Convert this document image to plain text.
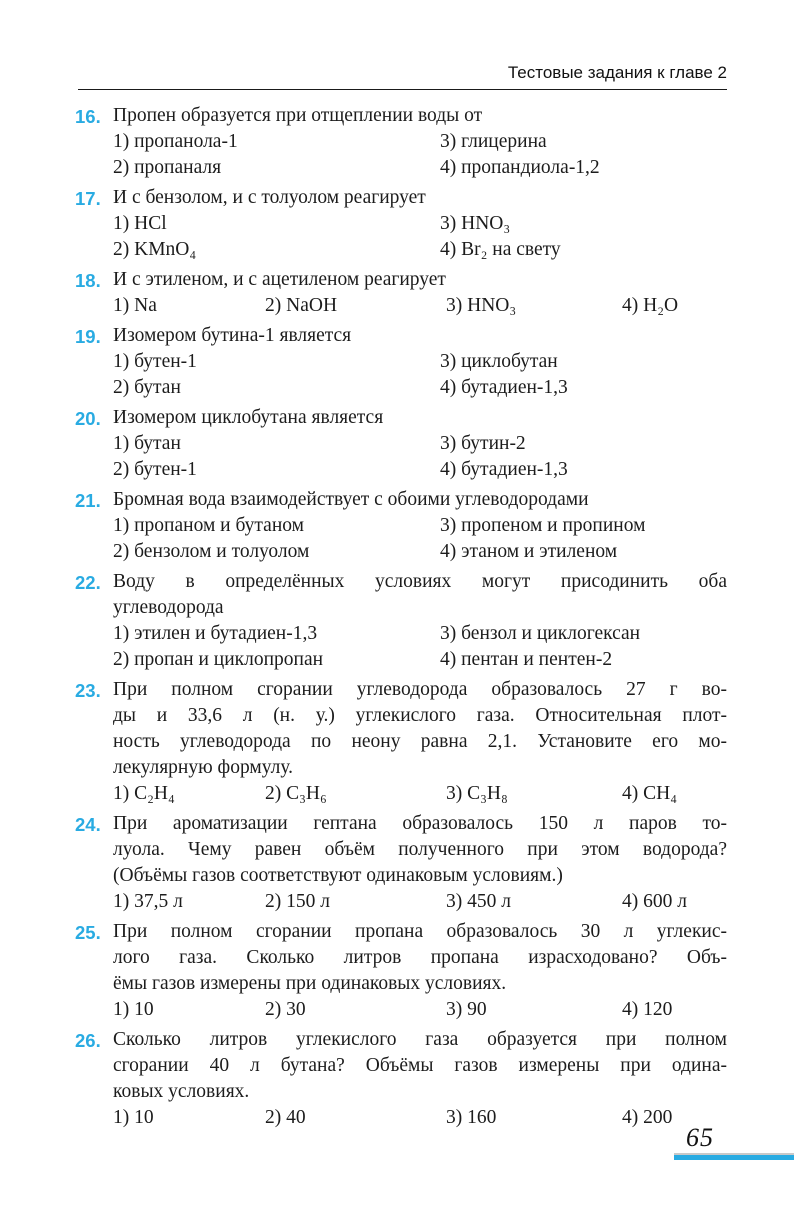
Тестовые задания к главе 2
16. Пропен образуется при отщеплении воды от
1) пропанола-1	3) глицерина
2) пропаналя	4) пропандиола-1,2
17. И с бензолом, и с толуолом реагирует
1) HCl	3) HNO₃
2) KMnO₄	4) Br₂ на свету
18. И с этиленом, и с ацетиленом реагирует
1) Na	2) NaOH	3) HNO₃	4) H₂O
19. Изомером бутина-1 является
1) бутен-1	3) циклобутан
2) бутан	4) бутадиен-1,3
20. Изомером циклобутана является
1) бутан	3) бутин-2
2) бутен-1	4) бутадиен-1,3
21. Бромная вода взаимодействует с обоими углеводородами
1) пропаном и бутаном	3) пропеном и пропином
2) бензолом и толуолом	4) этаном и этиленом
22. Воду в определённых условиях могут присодинить оба
углеводорода
1) этилен и бутадиен-1,3	3) бензол и циклогексан
2) пропан и циклопропан	4) пентан и пентен-2
23. При полном сгорании углеводорода образовалось 27 г во-
ды и 33,6 л (н. у.) углекислого газа. Относительная плот-
ность углеводорода по неону равна 2,1. Установите его мо-
лекулярную формулу.
1) C₂H₄	2) C₃H₆	3) C₃H₈	4) CH₄
24. При ароматизации гептана образовалось 150 л паров то-
луола. Чему равен объём полученного при этом водорода?
(Объёмы газов соответствуют одинаковым условиям.)
1) 37,5 л	2) 150 л	3) 450 л	4) 600 л
25. При полном сгорании пропана образовалось 30 л углекис-
лого газа. Сколько литров пропана израсходовано? Объ-
ёмы газов измерены при одинаковых условиях.
1) 10	2) 30	3) 90	4) 120
26. Сколько литров углекислого газа образуется при полном
сгорании 40 л бутана? Объёмы газов измерены при одина-
ковых условиях.
1) 10	2) 40	3) 160	4) 200
65
